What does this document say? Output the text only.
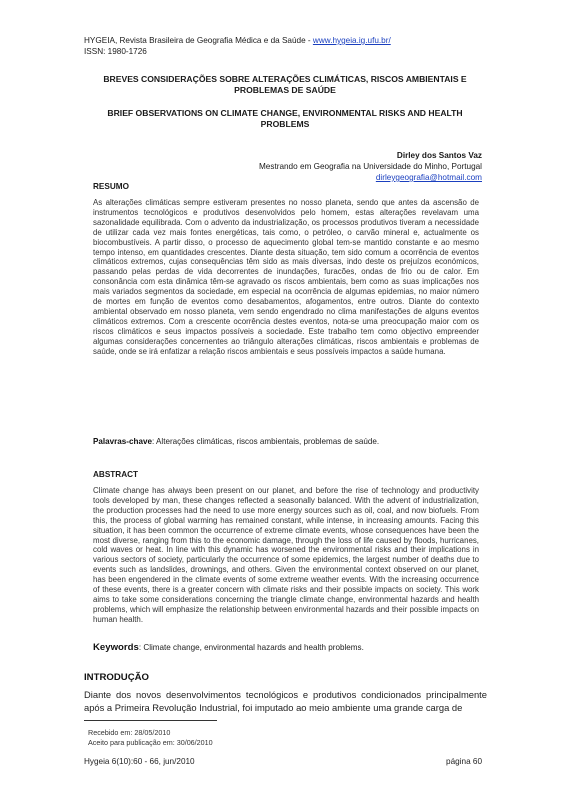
HYGEIA, Revista Brasileira de Geografia Médica e da Saúde - www.hygeia.ig.ufu.br/
ISSN: 1980-1726
BREVES CONSIDERAÇÕES SOBRE ALTERAÇÕES CLIMÁTICAS, RISCOS AMBIENTAIS E PROBLEMAS DE SAÚDE
BRIEF OBSERVATIONS ON CLIMATE CHANGE, ENVIRONMENTAL RISKS AND HEALTH PROBLEMS
Dirley dos Santos Vaz
Mestrando em Geografia na Universidade do Minho, Portugal
dirleygeografia@hotmail.com
RESUMO
As alterações climáticas sempre estiveram presentes no nosso planeta, sendo que antes da ascensão de instrumentos tecnológicos e produtivos desenvolvidos pelo homem, estas alterações revelavam uma sazonalidade equilibrada. Com o advento da industrialização, os processos produtivos tiveram a necessidade de utilizar cada vez mais fontes energéticas, tais como, o petróleo, o carvão mineral e, actualmente os biocombustíveis. A partir disso, o processo de aquecimento global tem-se mantido constante e ao mesmo tempo intenso, em quantidades crescentes. Diante desta situação, tem sido comum a ocorrência de eventos climáticos extremos, cujas consequências têm sido as mais diversas, indo deste os prejuízos económicos, passando pelas perdas de vida decorrentes de inundações, furacões, ondas de frio ou de calor. Em consonância com esta dinâmica têm-se agravado os riscos ambientais, bem como as suas implicações nos mais variados segmentos da sociedade, em especial na ocorrência de algumas epidemias, no maior número de mortes em função de eventos como desabamentos, afogamentos, entre outros. Diante do contexto ambiental observado em nosso planeta, vem sendo engendrado no clima manifestações de alguns eventos climáticos extremos. Com a crescente ocorrência destes eventos, nota-se uma preocupação maior com os riscos climáticos e seus impactos possíveis a sociedade. Este trabalho tem como objectivo empreender algumas considerações concernentes ao triângulo alterações climáticas, riscos ambientais e problemas de saúde, onde se irá enfatizar a relação riscos ambientais e seus possíveis impactos a saúde humana.
Palavras-chave: Alterações climáticas, riscos ambientais, problemas de saúde.
ABSTRACT
Climate change has always been present on our planet, and before the rise of technology and productivity tools developed by man, these changes reflected a seasonally balanced. With the advent of industrialization, the production processes had the need to use more energy sources such as oil, coal, and now biofuels. From this, the process of global warming has remained constant, while intense, in increasing amounts. Facing this situation, it has been common the occurrence of extreme climate events, whose consequences have been the most diverse, ranging from this to the economic damage, through the loss of life caused by floods, hurricanes, cold waves or heat. In line with this dynamic has worsened the environmental risks and their implications in various sectors of society, particularly the occurrence of some epidemics, the largest number of deaths due to events such as landslides, drownings, and others. Given the environmental context observed on our planet, has been engendered in the climate events of some extreme weather events. With the increasing occurrence of these events, there is a greater concern with climate risks and their possible impacts on society. This work aims to take some considerations concerning the triangle climate change, environmental hazards and health problems, which will emphasize the relationship between environmental hazards and their possible impacts on human health.
Keywords: Climate change, environmental hazards and health problems.
INTRODUÇÃO
Diante dos novos desenvolvimentos tecnológicos e produtivos condicionados principalmente após a Primeira Revolução Industrial, foi imputado ao meio ambiente uma grande carga de
Recebido em: 28/05/2010
Aceito para publicação em: 30/06/2010
Hygeia 6(10):60 - 66, jun/2010	página 60
